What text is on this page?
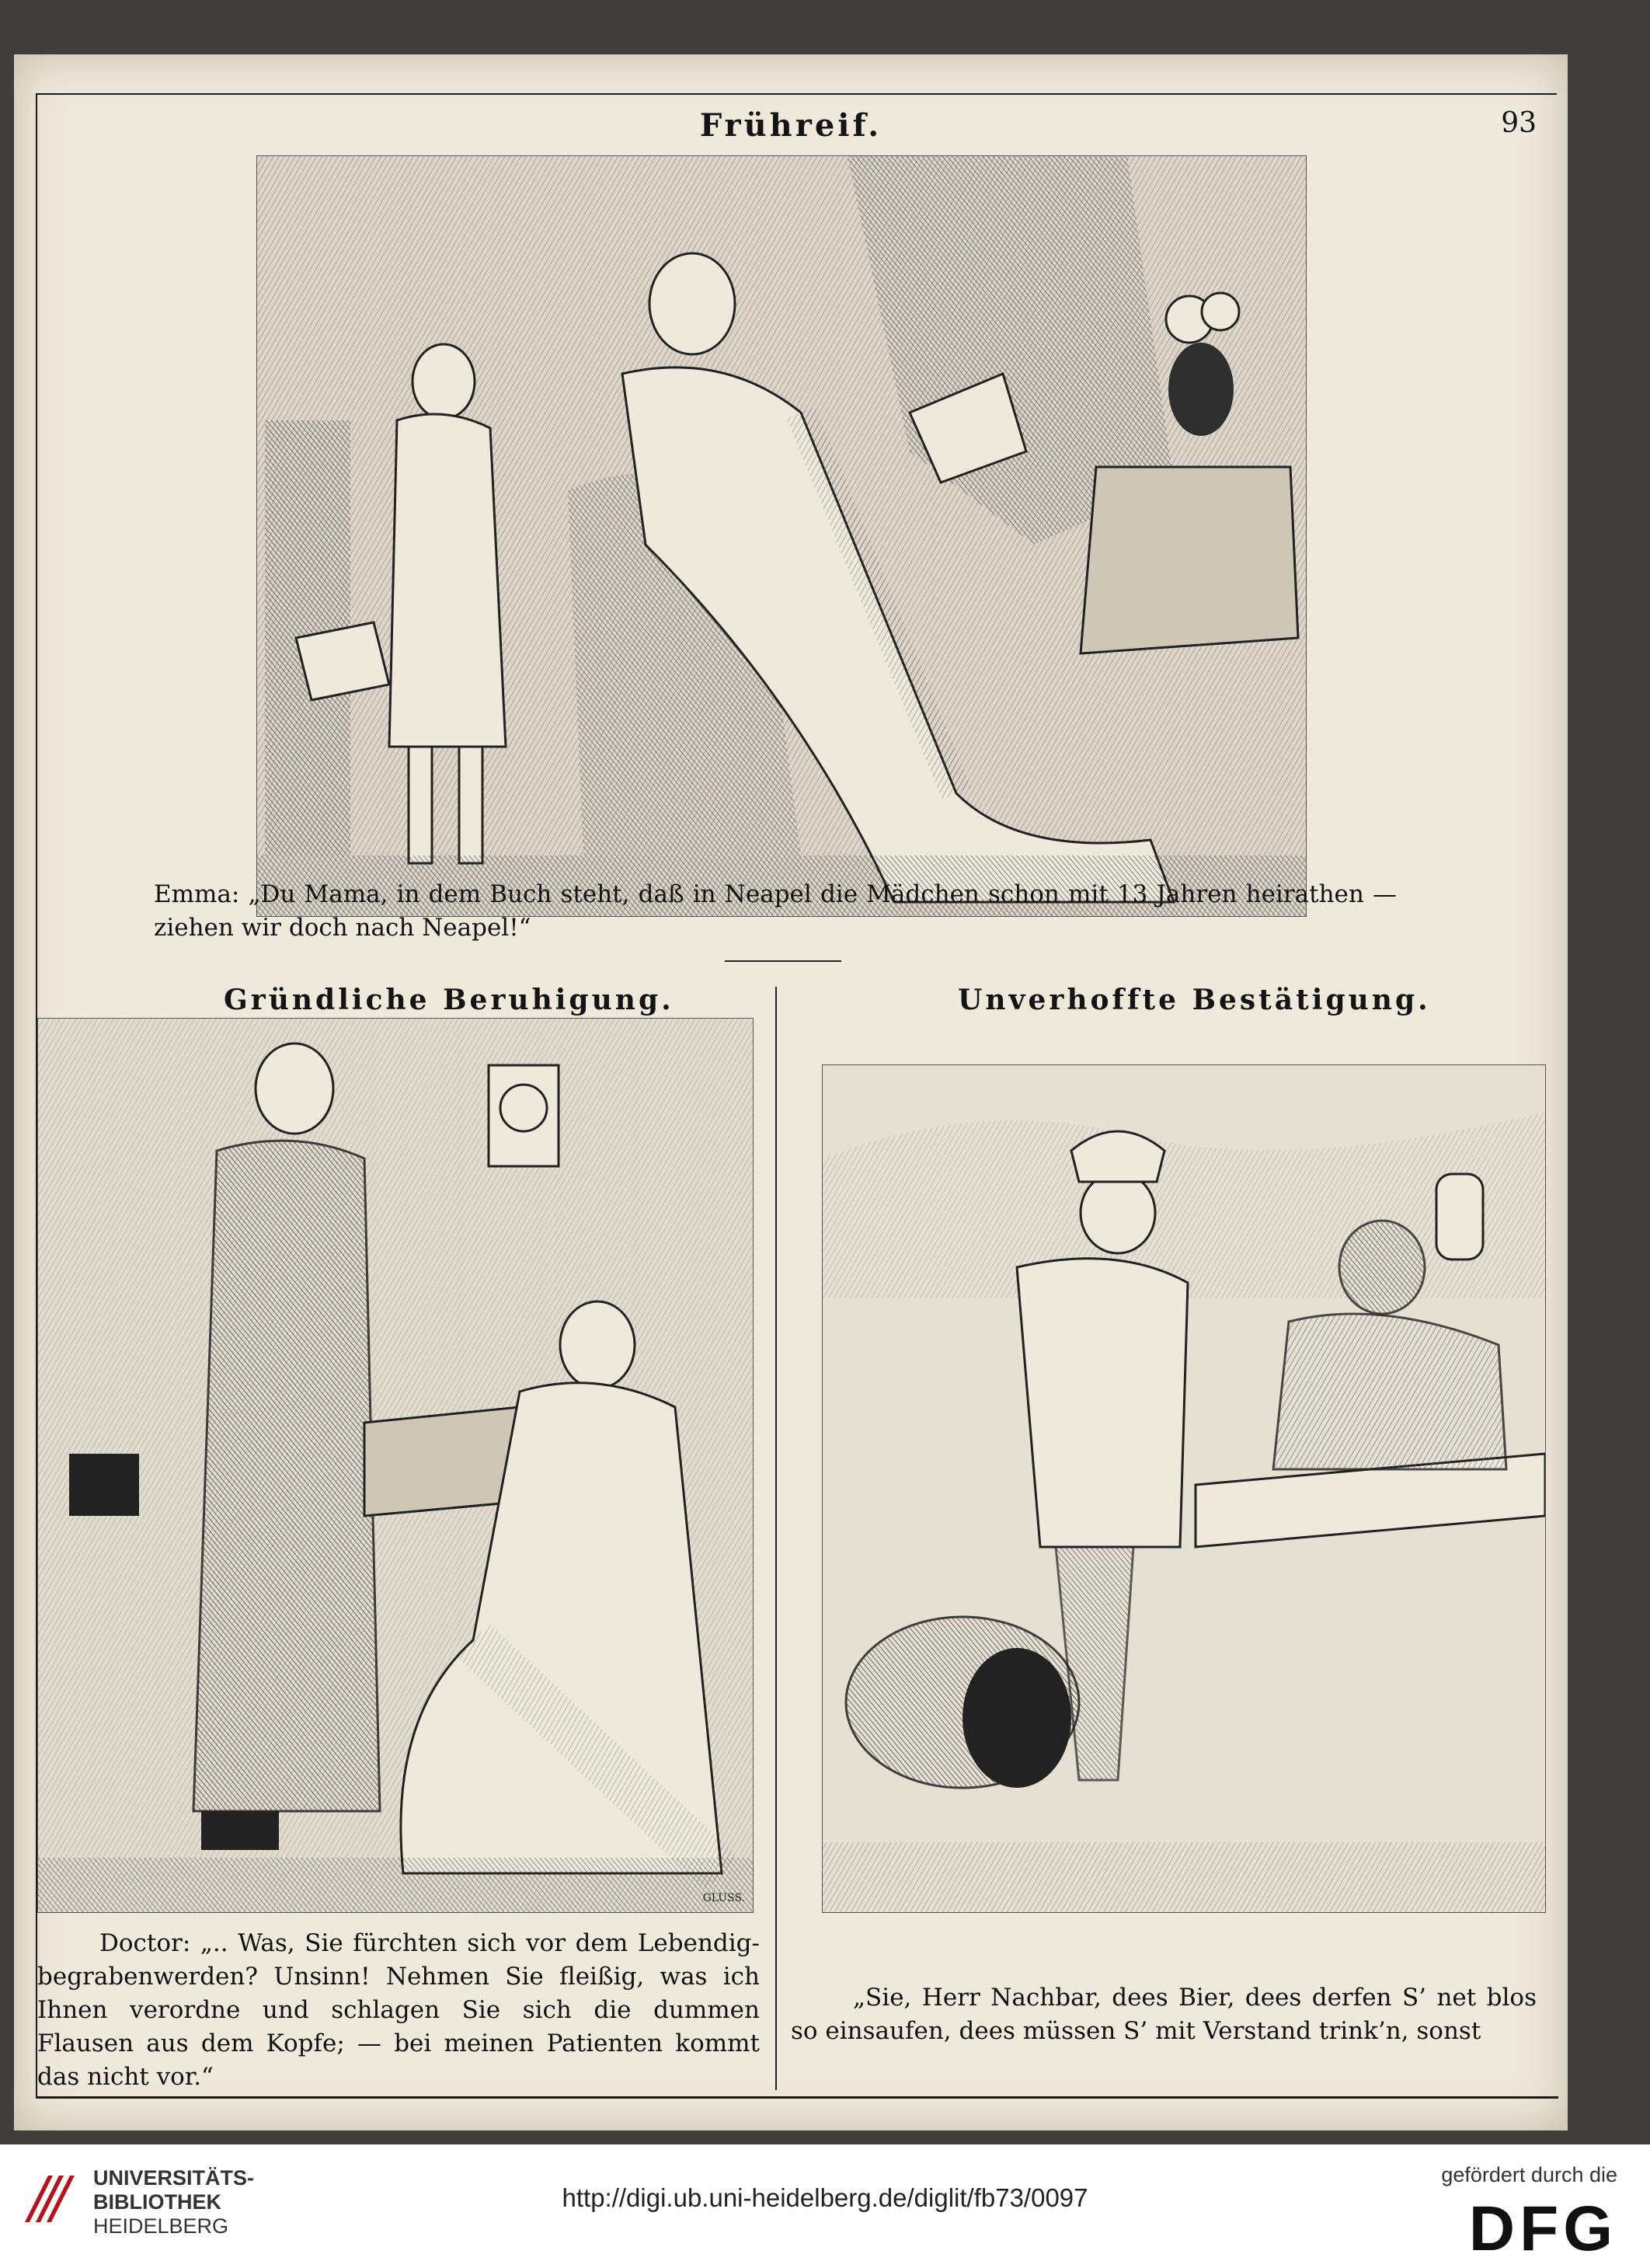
Frühreif.	93
Emma: „Du Mama, in dem Buch steht, daß in Neapel die Mädchen schon mit 13 Jahren heirathen — ziehen wir doch nach Neapel!“
Gründliche Beruhigung.	Unverhoffte Bestätigung.
GLUSS.
Doctor: „.. Was, Sie fürchten sich vor dem Lebendig-begrabenwerden? Unsinn! Nehmen Sie fleißig, was ich Ihnen verordne und schlagen Sie sich die dummen Flausen aus dem Kopfe; — bei meinen Patienten kommt das nicht vor.“
„Sie, Herr Nachbar, dees Bier, dees derfen S’ net blos so einsaufen, dees müssen S’ mit Verstand trink’n, sonst
UNIVERSITÄTS-
BIBLIOTHEK
HEIDELBERG
http://digi.ub.uni-heidelberg.de/diglit/fb73/0097
gefördert durch die
DFG
